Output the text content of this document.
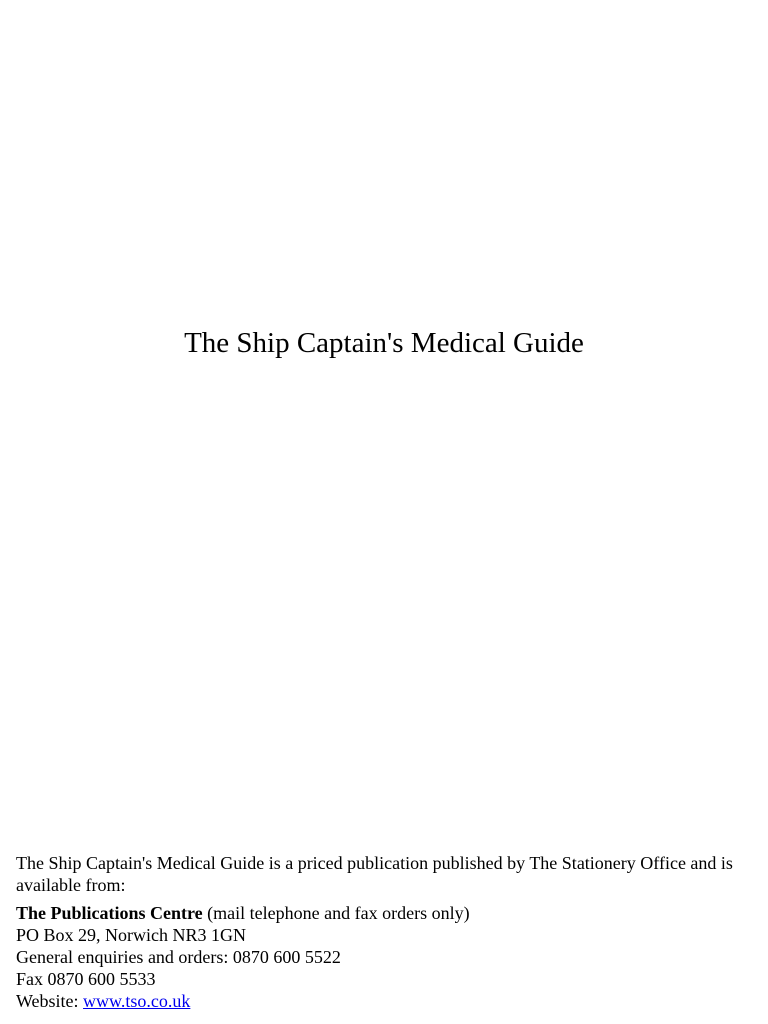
The Ship Captain's Medical Guide

The Ship Captain's Medical Guide is a priced publication published by The Stationery Office and is available from:

The Publications Centre (mail telephone and fax orders only)
PO Box 29, Norwich NR3 1GN
General enquiries and orders: 0870 600 5522
Fax 0870 600 5533
Website: www.tso.co.uk
